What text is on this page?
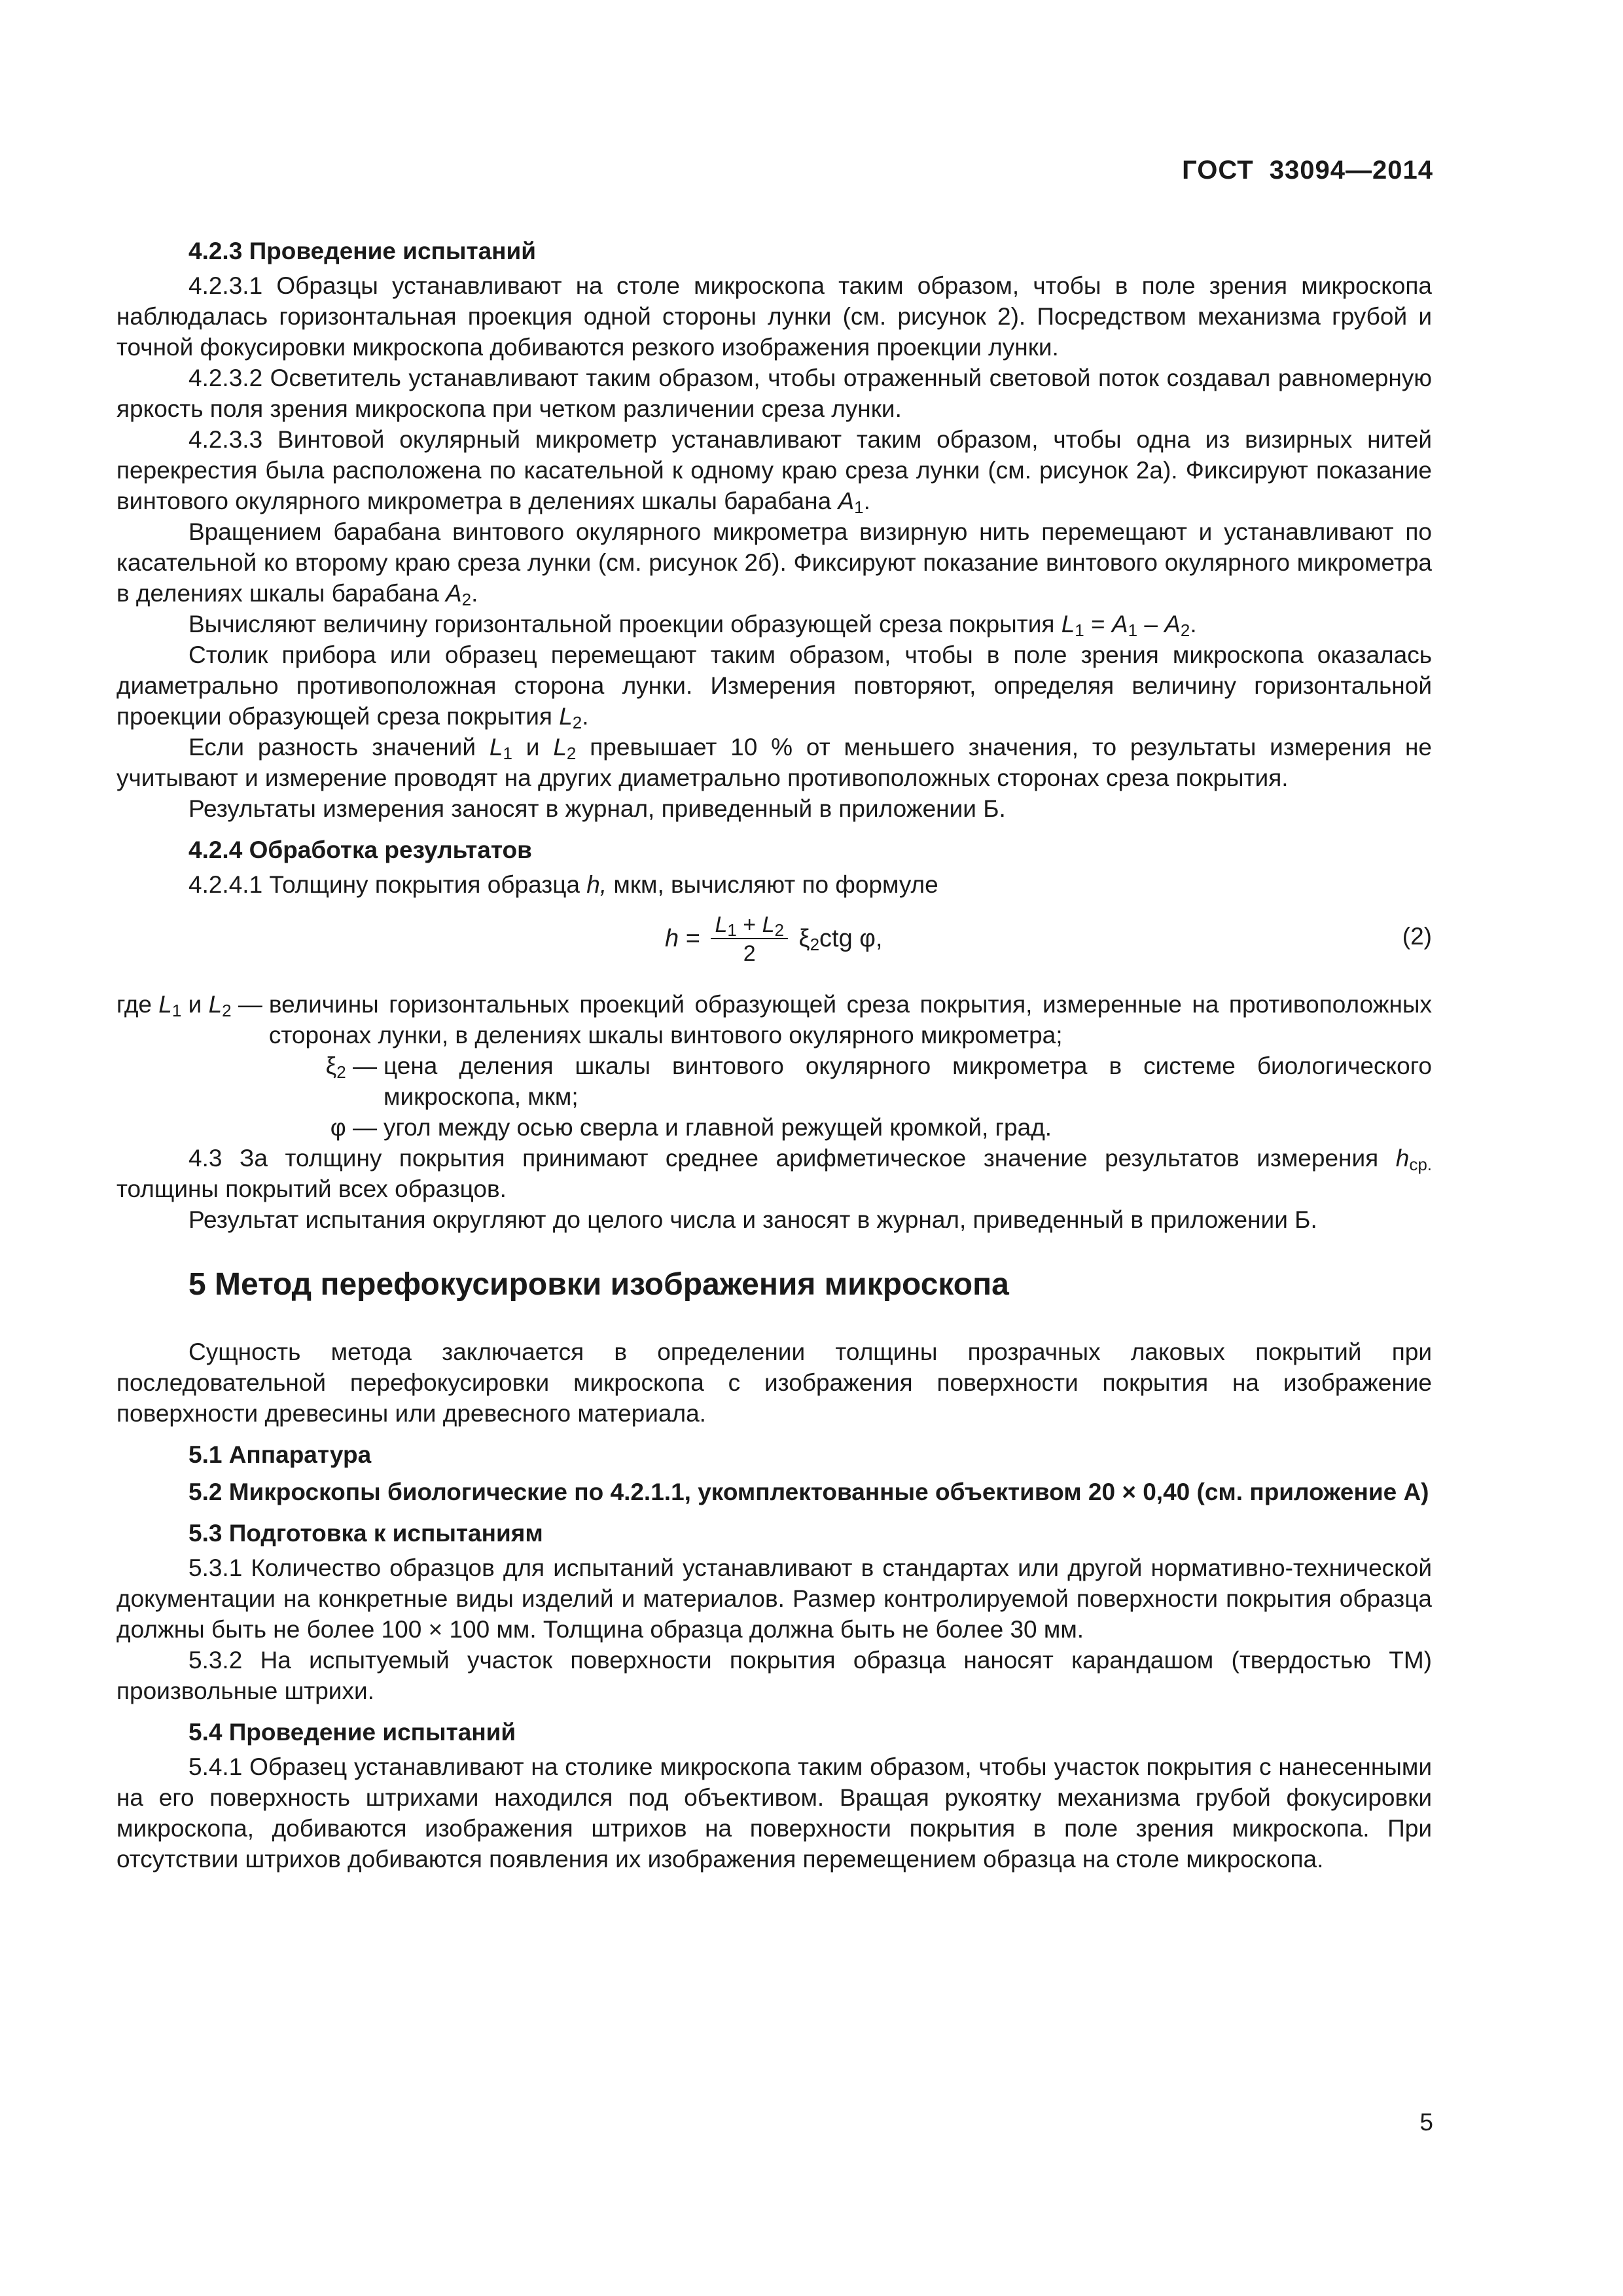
ГОСТ 33094—2014
4.2.3 Проведение испытаний

4.2.3.1 Образцы устанавливают на столе микроскопа таким образом, чтобы в поле зрения микроскопа наблюдалась горизонтальная проекция одной стороны лунки (см. рисунок 2). Посредством механизма грубой и точной фокусировки микроскопа добиваются резкого изображения проекции лунки.

4.2.3.2 Осветитель устанавливают таким образом, чтобы отраженный световой поток создавал равномерную яркость поля зрения микроскопа при четком различении среза лунки.

4.2.3.3 Винтовой окулярный микрометр устанавливают таким образом, чтобы одна из визирных нитей перекрестия была расположена по касательной к одному краю среза лунки (см. рисунок 2а). Фиксируют показание винтового окулярного микрометра в делениях шкалы барабана $A_1$.

Вращением барабана винтового окулярного микрометра визирную нить перемещают и устанавливают по касательной ко второму краю среза лунки (см. рисунок 2б). Фиксируют показание винтового окулярного микрометра в делениях шкалы барабана $A_2$.

Вычисляют величину горизонтальной проекции образующей среза покрытия $L_1 = A_1 - A_2$.

Столик прибора или образец перемещают таким образом, чтобы в поле зрения микроскопа оказалась диаметрально противоположная сторона лунки. Измерения повторяют, определяя величину горизонтальной проекции образующей среза покрытия $L_2$.

Если разность значений $L_1$ и $L_2$ превышает 10 % от меньшего значения, то результаты измерения не учитывают и измерение проводят на других диаметрально противоположных сторонах среза покрытия.

Результаты измерения заносят в журнал, приведенный в приложении Б.

4.2.4 Обработка результатов

4.2.4.1 Толщину покрытия образца h, мкм, вычисляют по формуле

$h = \frac{L_1 + L_2}{2} \xi_2ctg$ φ,	(2)
где $L_1$ и $L_2$ — величины горизонтальных проекций образующей среза покрытия, измеренные на противоположных сторонах лунки, в делениях шкалы винтового окулярного микрометра;
$\xi_2$ — цена деления шкалы винтового окулярного микрометра в системе биологического микроскопа, мкм;
φ — угол между осью сверла и главной режущей кромкой, град.

4.3 За толщину покрытия принимают среднее арифметическое значение результатов измерения $h_{ср.}$ толщины покрытий всех образцов.

Результат испытания округляют до целого числа и заносят в журнал, приведенный в приложении Б.

5 Метод перефокусировки изображения микроскопа

Сущность метода заключается в определении толщины прозрачных лаковых покрытий при последовательной перефокусировки микроскопа с изображения поверхности покрытия на изображение поверхности древесины или древесного материала.

5.1 Аппаратура

5.2 Микроскопы биологические по 4.2.1.1, укомплектованные объективом 20 × 0,40 (см. приложение А)

5.3 Подготовка к испытаниям

5.3.1 Количество образцов для испытаний устанавливают в стандартах или другой нормативно-технической документации на конкретные виды изделий и материалов. Размер контролируемой поверхности покрытия образца должны быть не более 100 × 100 мм. Толщина образца должна быть не более 30 мм.

5.3.2 На испытуемый участок поверхности покрытия образца наносят карандашом (твердостью ТМ) произвольные штрихи.

5.4 Проведение испытаний

5.4.1 Образец устанавливают на столике микроскопа таким образом, чтобы участок покрытия с нанесенными на его поверхность штрихами находился под объективом. Вращая рукоятку механизма грубой фокусировки микроскопа, добиваются изображения штрихов на поверхности покрытия в поле зрения микроскопа. При отсутствии штрихов добиваются появления их изображения перемещением образца на столе микроскопа.

5
